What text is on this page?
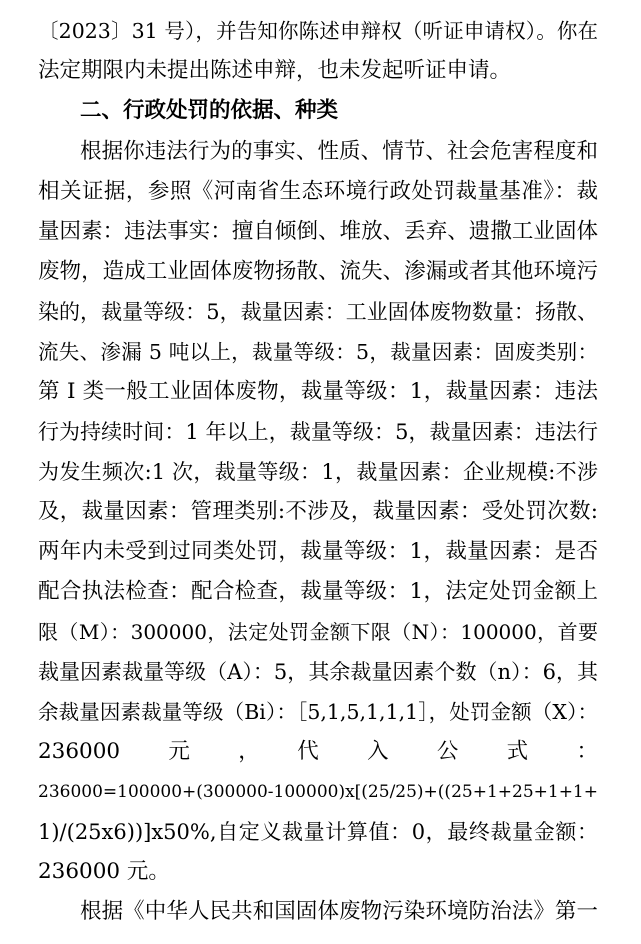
〔2023〕31 号），并告知你陈述申辩权（听证申请权）。你在
法定期限内未提出陈述申辩，也未发起听证申请。
二、行政处罚的依据、种类
根据你违法行为的事实、性质、情节、社会危害程度和
相关证据，参照《河南省生态环境行政处罚裁量基准》：裁
量因素：违法事实：擅自倾倒、堆放、丢弃、遗撒工业固体
废物，造成工业固体废物扬散、流失、渗漏或者其他环境污
染的，裁量等级：5，裁量因素：工业固体废物数量：扬散、
流失、渗漏 5 吨以上，裁量等级：5，裁量因素：固废类别：
第 I 类一般工业固体废物，裁量等级：1，裁量因素：违法
行为持续时间：1 年以上，裁量等级：5，裁量因素：违法行
为发生频次:1 次，裁量等级：1，裁量因素：企业规模:不涉
及，裁量因素：管理类别:不涉及，裁量因素：受处罚次数:
两年内未受到过同类处罚，裁量等级：1，裁量因素：是否
配合执法检查：配合检查，裁量等级：1，法定处罚金额上
限（M）：300000，法定处罚金额下限（N）：100000，首要
裁量因素裁量等级（A）：5，其余裁量因素个数（n）：6，其
余裁量因素裁量等级（Bi）：［5,1,5,1,1,1］，处罚金额（X）：
236000　元　，　代　入　公　式　：
236000=100000+(300000-100000)x[(25/25)+((25+1+25+1+1+
1)/(25x6))]x50%,自定义裁量计算值：0，最终裁量金额：
236000 元。
根据《中华人民共和国固体废物污染环境防治法》第一
